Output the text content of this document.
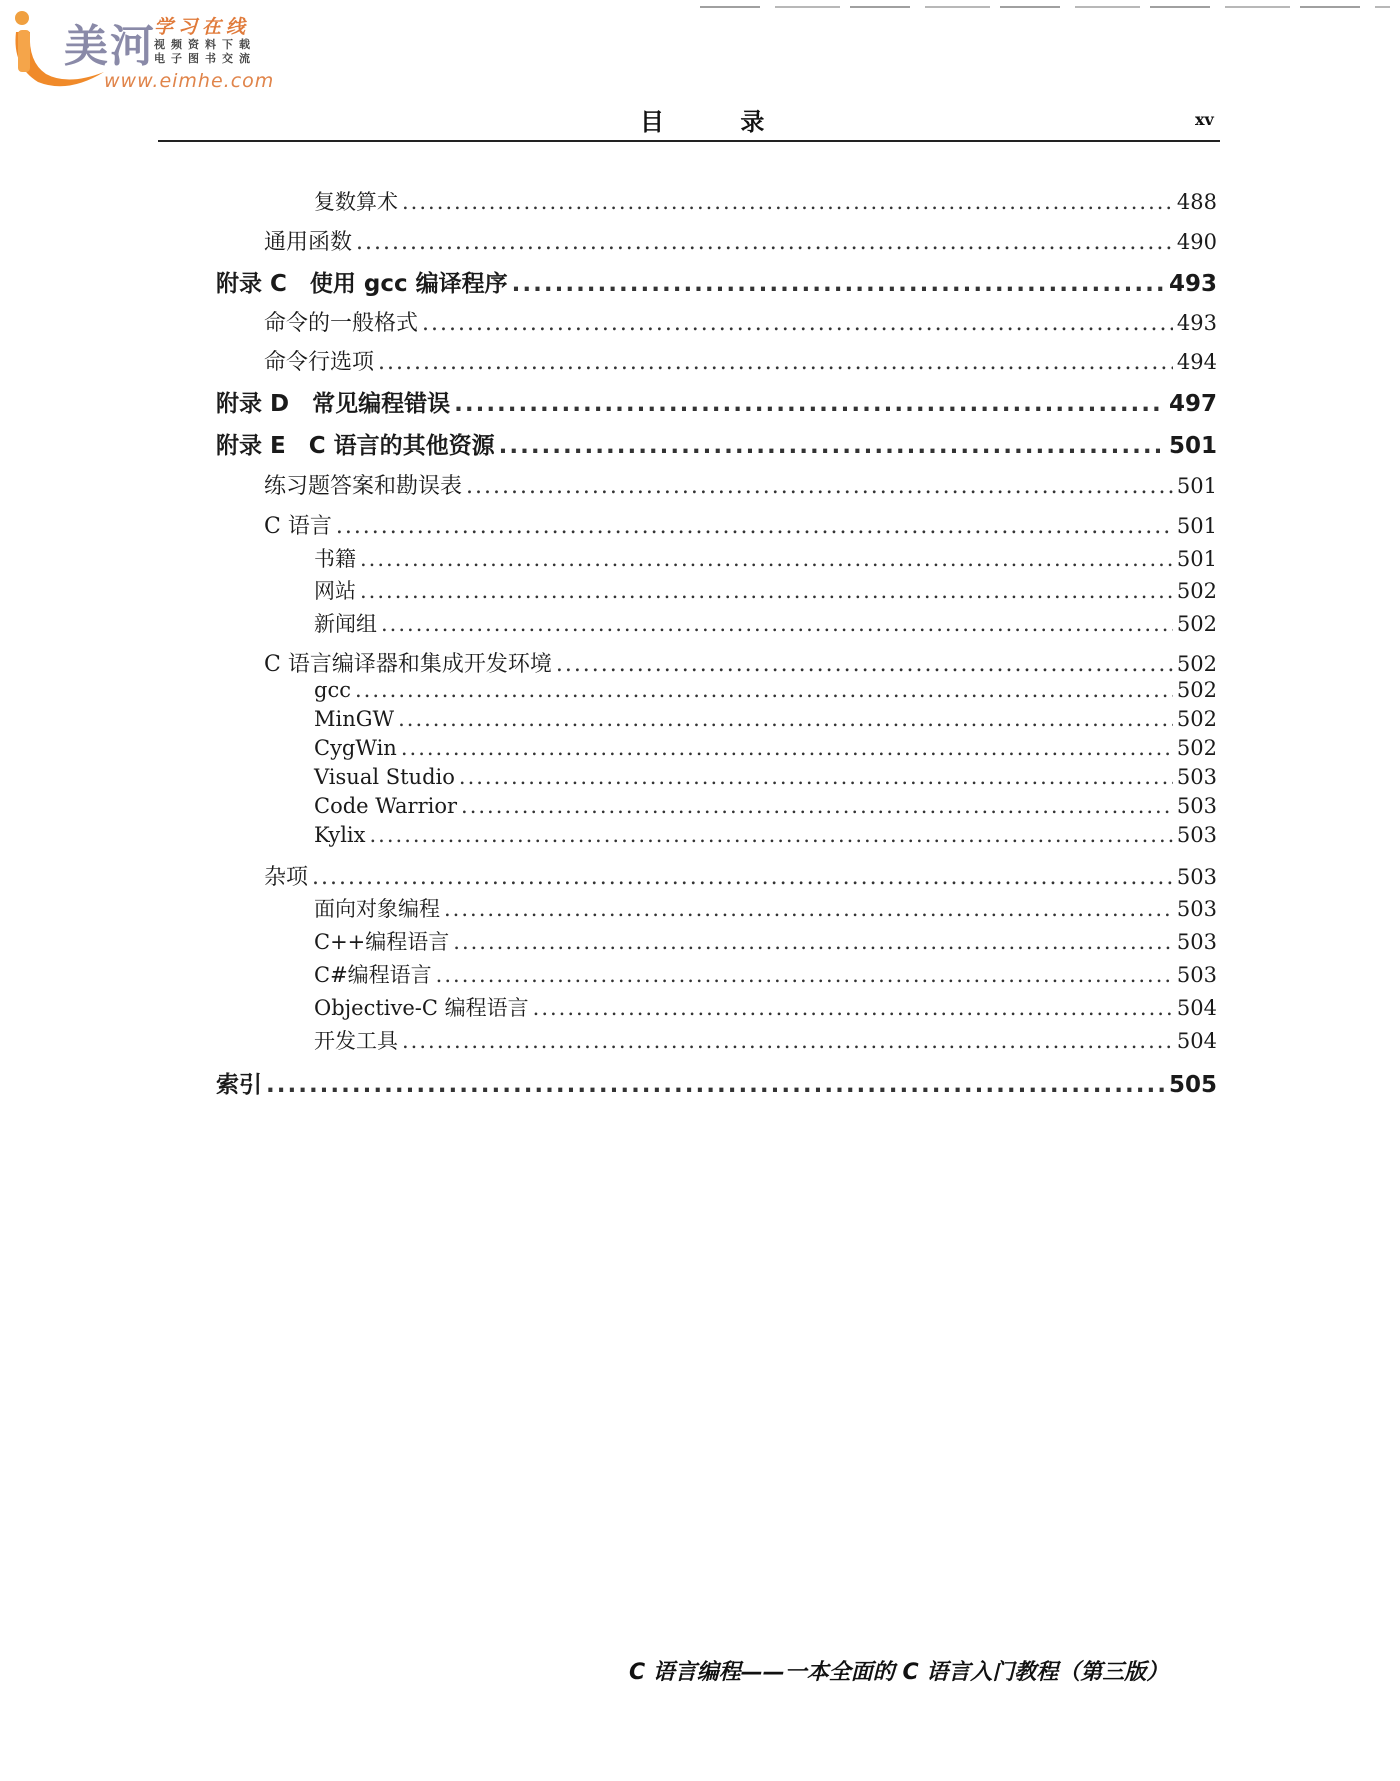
美河
学习在线
视频资料下载
电子图书交流
www.eimhe.com
目 录	xv
复数算术 .....	488
通用函数 .....	490
附录 C　使用 gcc 编译程序 .....	493
命令的一般格式 .....	493
命令行选项 .....	494
附录 D　常见编程错误 .....	497
附录 E　C 语言的其他资源 .....	501
练习题答案和勘误表 .....	501
C 语言 .....	501
书籍 .....	501
网站 .....	502
新闻组 .....	502
C 语言编译器和集成开发环境 .....	502
gcc .....	502
MinGW .....	502
CygWin .....	502
Visual Studio .....	503
Code Warrior .....	503
Kylix .....	503
杂项 .....	503
面向对象编程 .....	503
C++编程语言 .....	503
C#编程语言 .....	503
Objective-C 编程语言 .....	504
开发工具 .....	504
索引 .....	505
C 语言编程——一本全面的 C 语言入门教程（第三版）
